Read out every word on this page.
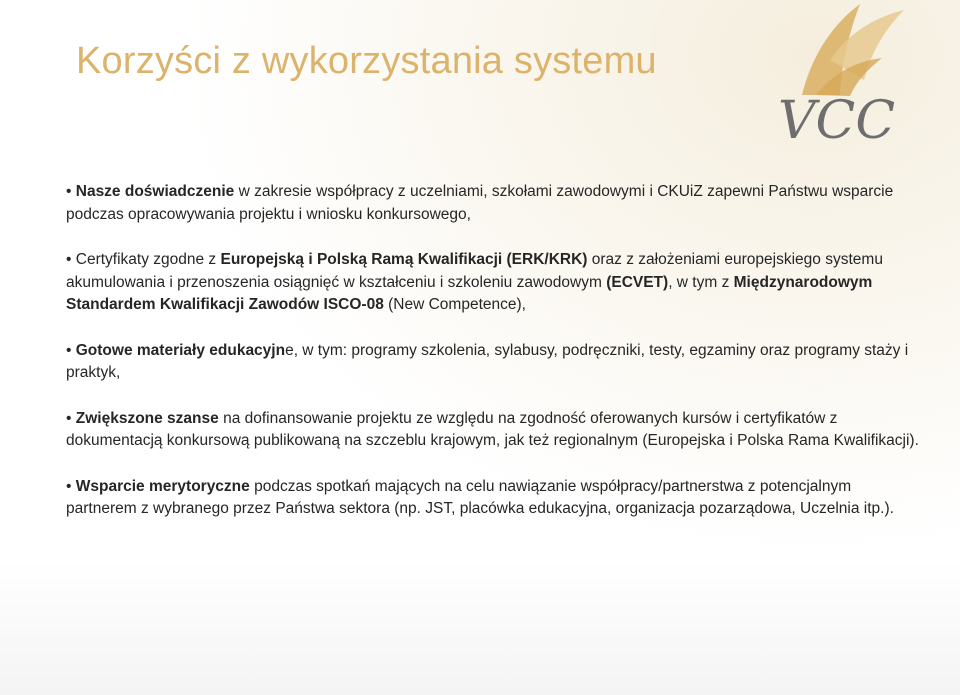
Korzyści z wykorzystania systemu
VCC

• Nasze doświadczenie w zakresie współpracy z uczelniami, szkołami zawodowymi i CKUiZ zapewni Państwu wsparcie podczas opracowywania projektu i wniosku konkursowego,

• Certyfikaty zgodne z Europejską i Polską Ramą Kwalifikacji (ERK/KRK) oraz z założeniami europejskiego systemu akumulowania i przenoszenia osiągnięć w kształceniu i szkoleniu zawodowym (ECVET), w tym z Międzynarodowym Standardem Kwalifikacji Zawodów ISCO-08 (New Competence),

• Gotowe materiały edukacyjne, w tym: programy szkolenia, sylabusy, podręczniki, testy, egzaminy oraz programy staży i praktyk,

• Zwiększone szanse na dofinansowanie projektu ze względu na zgodność oferowanych kursów i certyfikatów z dokumentacją konkursową publikowaną na szczeblu krajowym, jak też regionalnym (Europejska i Polska Rama Kwalifikacji).

• Wsparcie merytoryczne podczas spotkań mających na celu nawiązanie współpracy/partnerstwa z potencjalnym partnerem z wybranego przez Państwa sektora (np. JST, placówka edukacyjna, organizacja pozarządowa, Uczelnia itp.).
